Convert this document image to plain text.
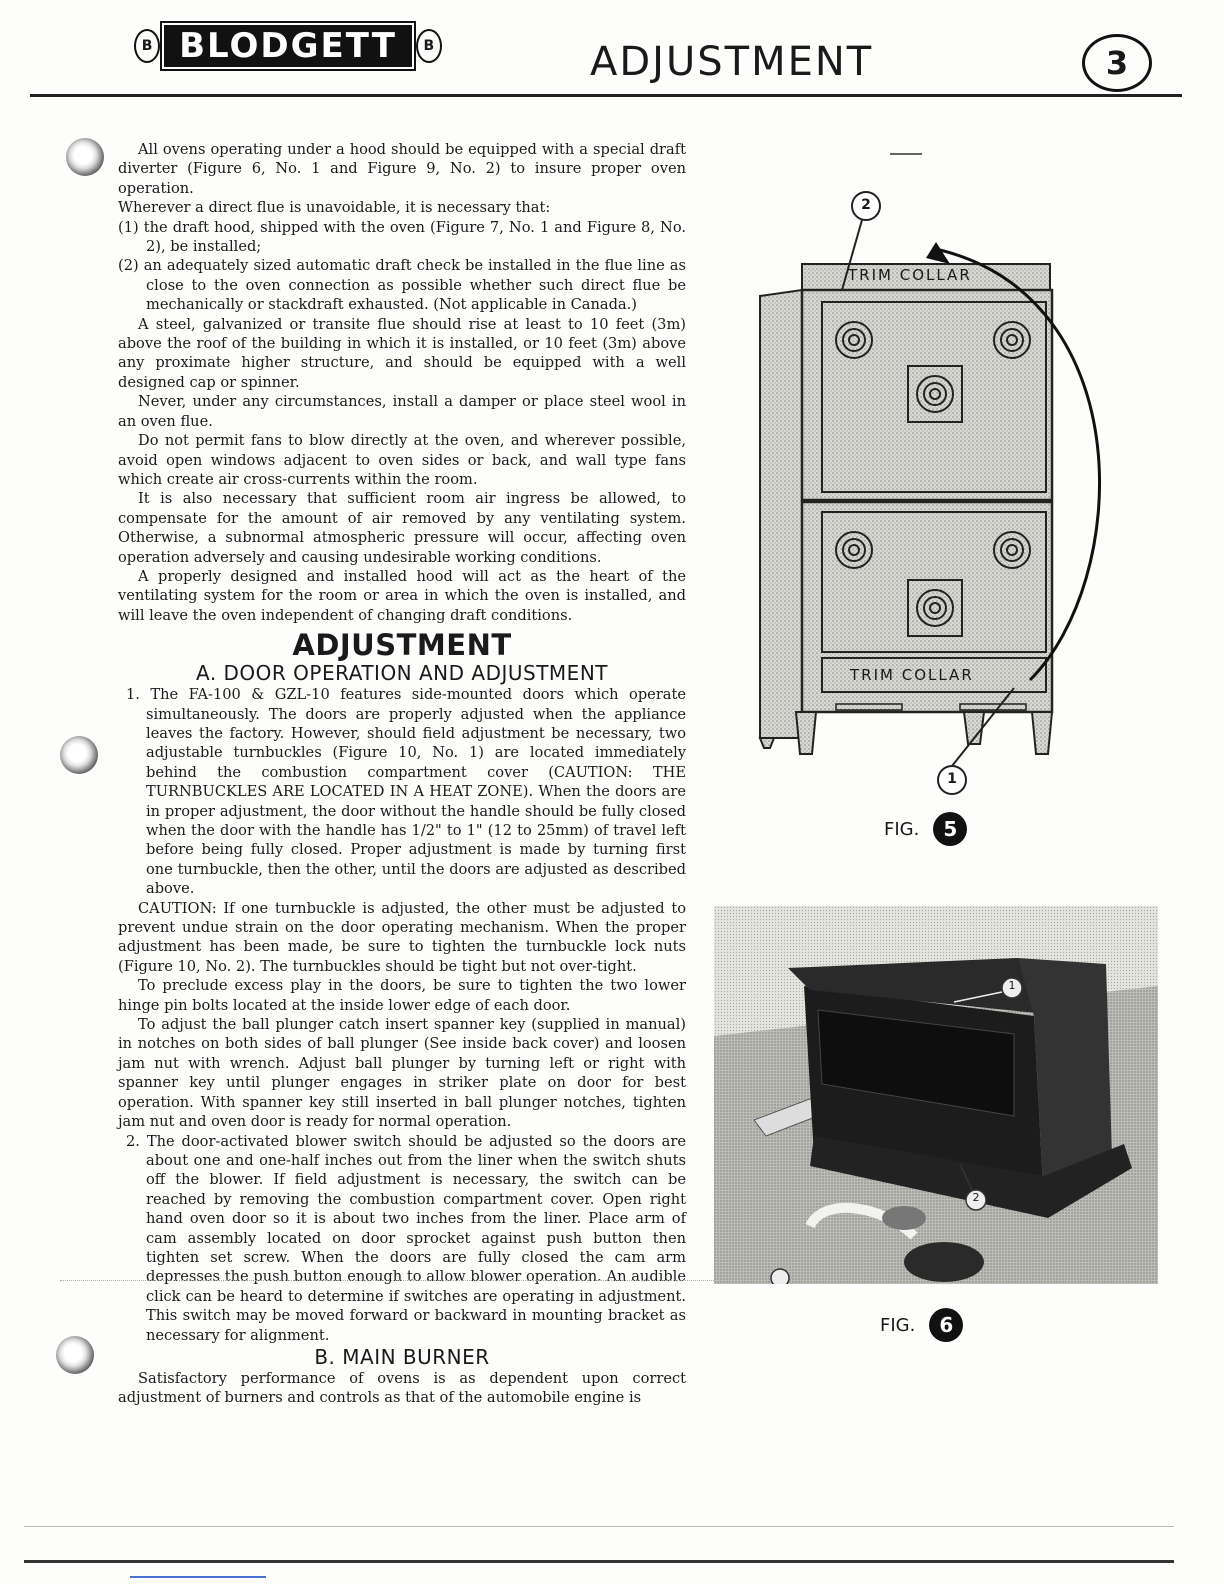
B BLODGETT	B	ADJUSTMENT	3

All ovens operating under a hood should be equipped with a special draft diverter (Figure 6, No. 1 and Figure 9, No. 2) to insure proper oven operation.

Wherever a direct flue is unavoidable, it is necessary that:

(1) the draft hood, shipped with the oven (Figure 7, No. 1 and Figure 8, No. 2), be installed;

(2) an adequately sized automatic draft check be installed in the flue line as close to the oven connection as possible whether such direct flue be mechanically or stackdraft exhausted. (Not applicable in Canada.)

A steel, galvanized or transite flue should rise at least to 10 feet (3m) above the roof of the building in which it is installed, or 10 feet (3m) above any proximate higher structure, and should be equipped with a well designed cap or spinner.

Never, under any circumstances, install a damper or place steel wool in an oven flue.

Do not permit fans to blow directly at the oven, and wherever possible, avoid open windows adjacent to oven sides or back, and wall type fans which create air cross-currents within the room.

It is also necessary that sufficient room air ingress be allowed, to compensate for the amount of air removed by any ventilating system. Otherwise, a subnormal atmospheric pressure will occur, affecting oven operation adversely and causing undesirable working conditions.

A properly designed and installed hood will act as the heart of the ventilating system for the room or area in which the oven is installed, and will leave the oven independent of changing draft conditions.

ADJUSTMENT
A. DOOR OPERATION AND ADJUSTMENT

1. The FA-100 & GZL-10 features side-mounted doors which operate simultaneously. The doors are properly adjusted when the appliance leaves the factory. However, should field adjustment be necessary, two adjustable turnbuckles (Figure 10, No. 1) are located immediately behind the combustion compartment cover (CAUTION: THE TURNBUCKLES ARE LOCATED IN A HEAT ZONE). When the doors are in proper adjustment, the door without the handle should be fully closed when the door with the handle has 1/2" to 1" (12 to 25mm) of travel left before being fully closed. Proper adjustment is made by turning first one turnbuckle, then the other, until the doors are adjusted as described above.

CAUTION: If one turnbuckle is adjusted, the other must be adjusted to prevent undue strain on the door operating mechanism. When the proper adjustment has been made, be sure to tighten the turnbuckle lock nuts (Figure 10, No. 2). The turnbuckles should be tight but not over-tight.

To preclude excess play in the doors, be sure to tighten the two lower hinge pin bolts located at the inside lower edge of each door.

To adjust the ball plunger catch insert spanner key (supplied in manual) in notches on both sides of ball plunger (See inside back cover) and loosen jam nut with wrench. Adjust ball plunger by turning left or right with spanner key until plunger engages in striker plate on door for best operation. With spanner key still inserted in ball plunger notches, tighten jam nut and oven door is ready for normal operation.

2. The door-activated blower switch should be adjusted so the doors are about one and one-half inches out from the liner when the switch shuts off the blower. If field adjustment is necessary, the switch can be reached by removing the combustion compartment cover. Open right hand oven door so it is about two inches from the liner. Place arm of cam assembly located on door sprocket against push button then tighten set screw. When the doors are fully closed the cam arm depresses the push button enough to allow blower operation. An audible click can be heard to determine if switches are operating in adjustment. This switch may be moved forward or backward in mounting bracket as necessary for alignment.

B. MAIN BURNER

Satisfactory performance of ovens is as dependent upon correct adjustment of burners and controls as that of the automobile engine is

TRIM COLLAR
TRIM COLLAR
2
1
FIG.	5
1
2
FIG.	6
